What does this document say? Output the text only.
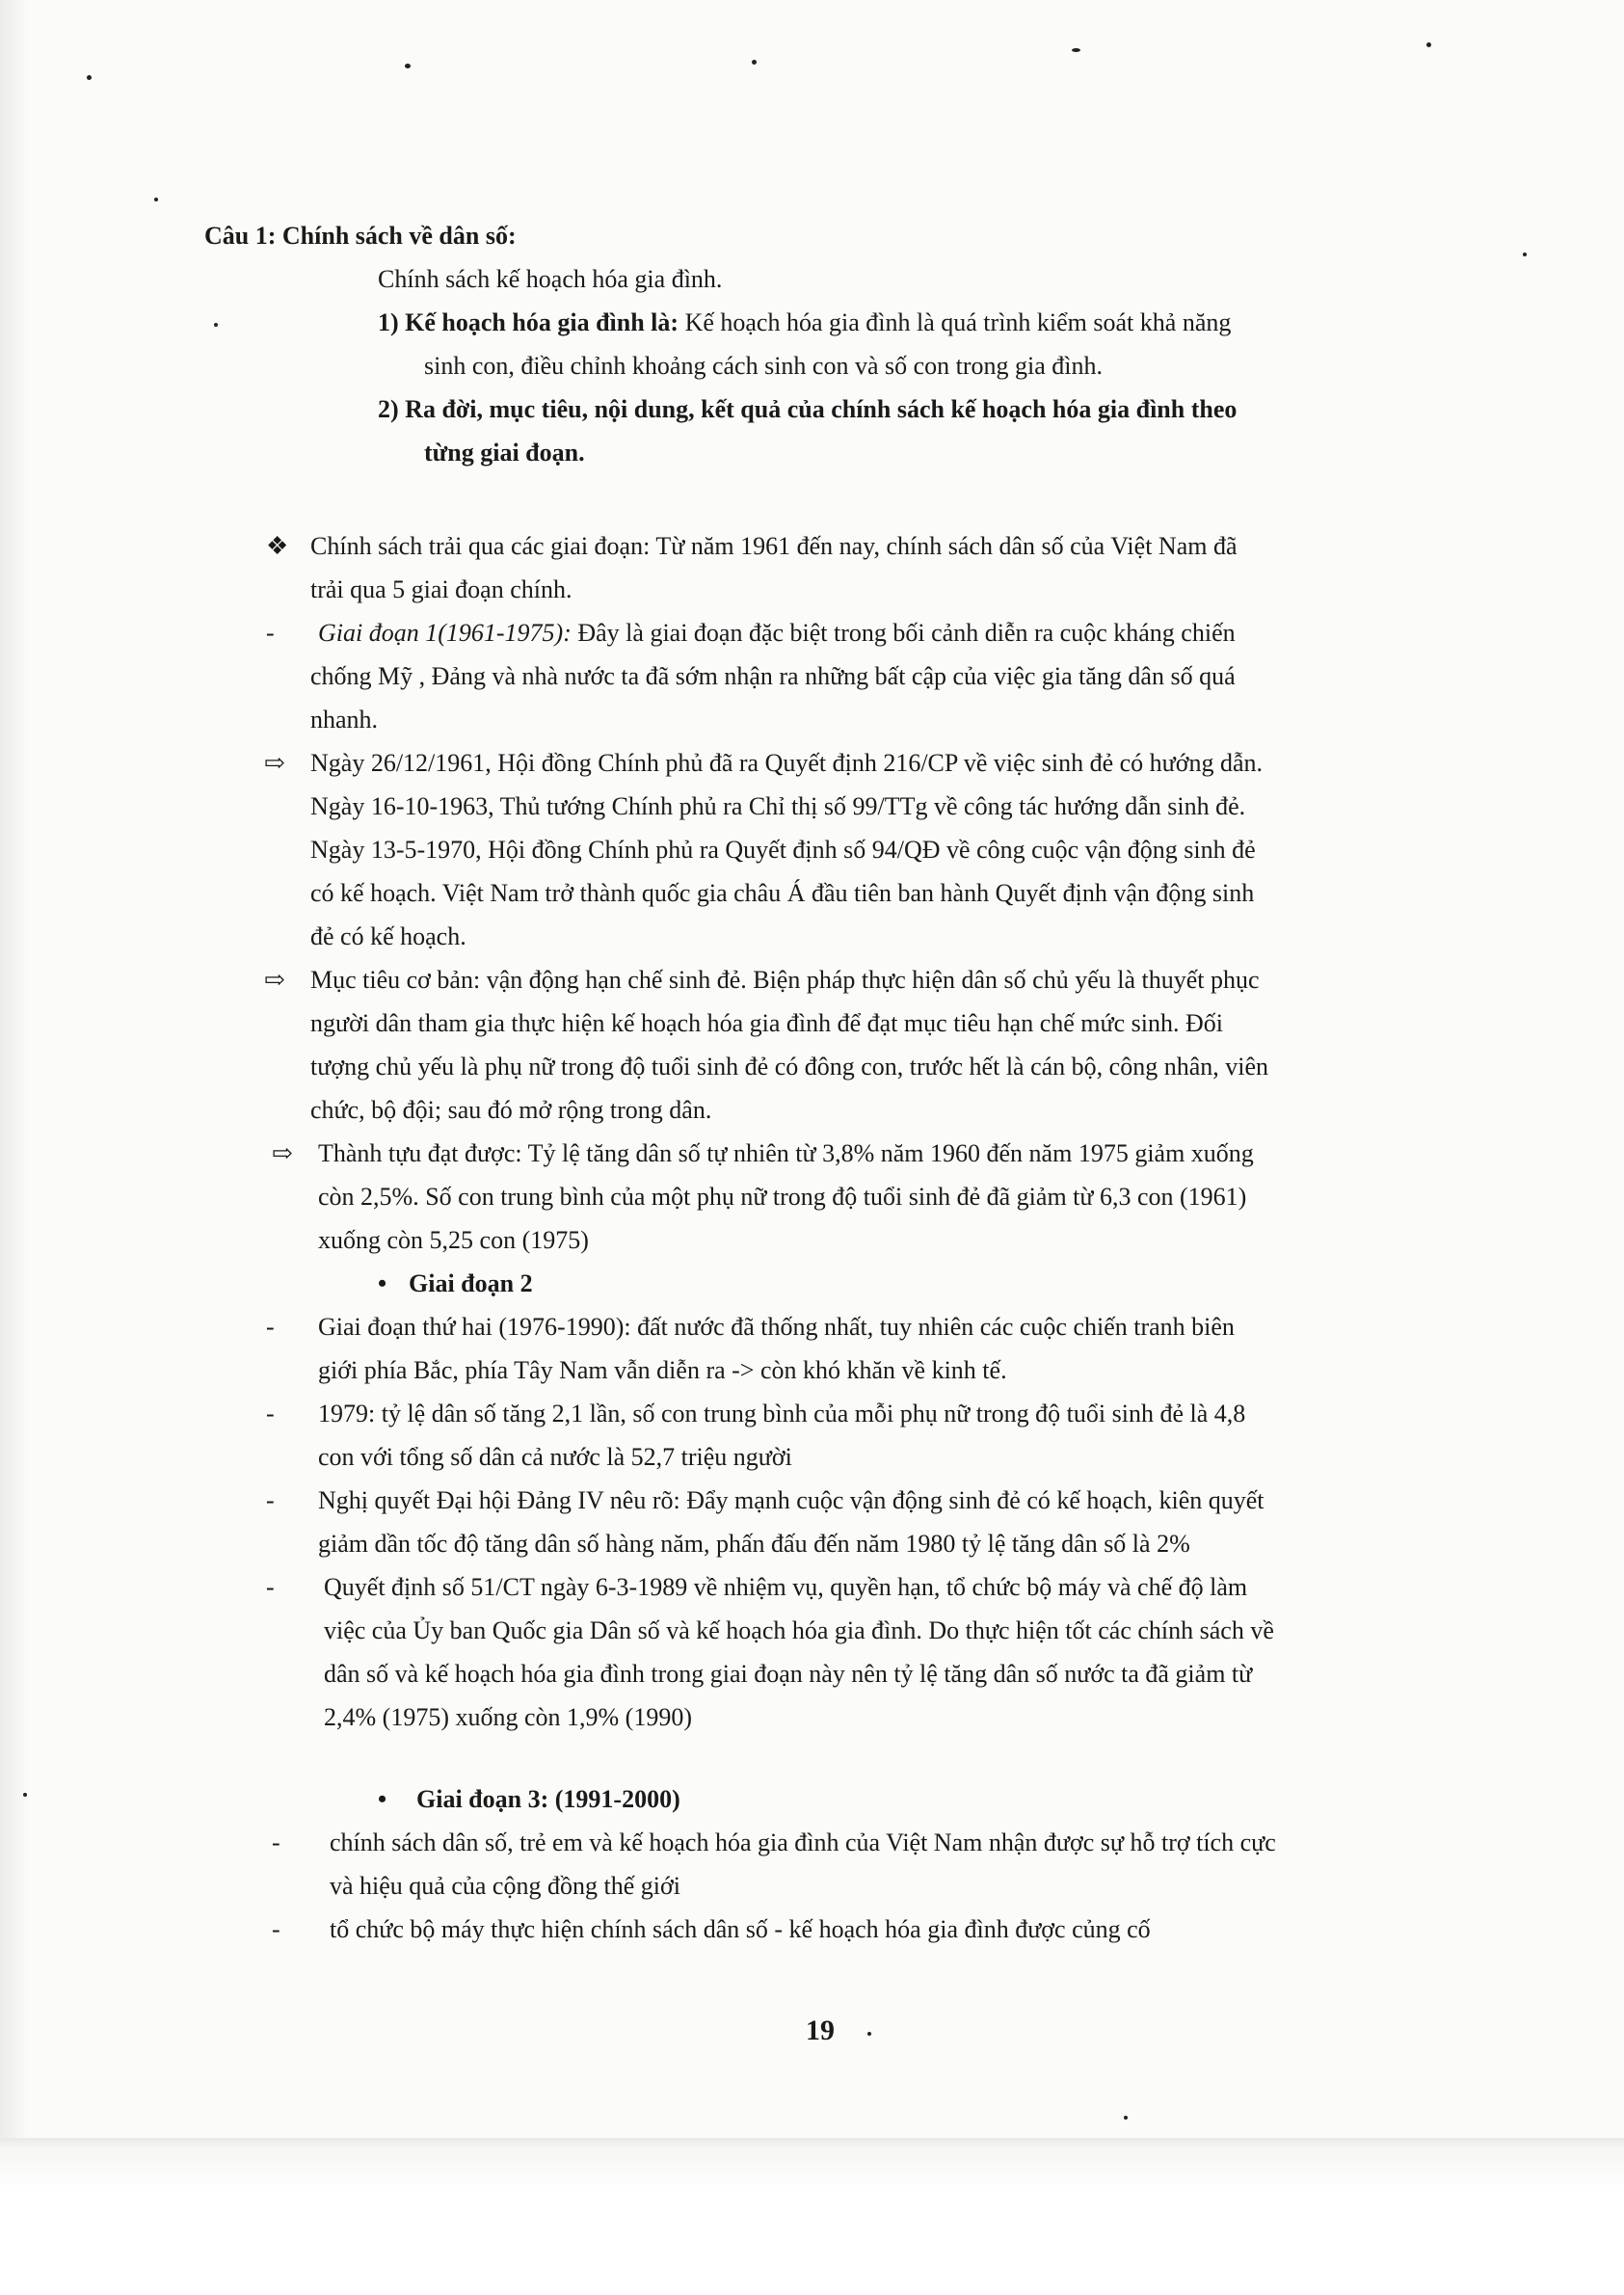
Câu 1: Chính sách về dân số:
Chính sách kế hoạch hóa gia đình.
1) Kế hoạch hóa gia đình là: Kế hoạch hóa gia đình là quá trình kiểm soát khả năng
sinh con, điều chỉnh khoảng cách sinh con và số con trong gia đình.
2) Ra đời, mục tiêu, nội dung, kết quả của chính sách kế hoạch hóa gia đình theo
từng giai đoạn.
❖ Chính sách trải qua các giai đoạn: Từ năm 1961 đến nay, chính sách dân số của Việt Nam đã
trải qua 5 giai đoạn chính.
- Giai đoạn 1(1961-1975): Đây là giai đoạn đặc biệt trong bối cảnh diễn ra cuộc kháng chiến
chống Mỹ , Đảng và nhà nước ta đã sớm nhận ra những bất cập của việc gia tăng dân số quá
nhanh.
⇨ Ngày 26/12/1961, Hội đồng Chính phủ đã ra Quyết định 216/CP về việc sinh đẻ có hướng dẫn.
Ngày 16-10-1963, Thủ tướng Chính phủ ra Chỉ thị số 99/TTg về công tác hướng dẫn sinh đẻ.
Ngày 13-5-1970, Hội đồng Chính phủ ra Quyết định số 94/QĐ về công cuộc vận động sinh đẻ
có kế hoạch. Việt Nam trở thành quốc gia châu Á đầu tiên ban hành Quyết định vận động sinh
đẻ có kế hoạch.
⇨ Mục tiêu cơ bản: vận động hạn chế sinh đẻ. Biện pháp thực hiện dân số chủ yếu là thuyết phục
người dân tham gia thực hiện kế hoạch hóa gia đình để đạt mục tiêu hạn chế mức sinh. Đối
tượng chủ yếu là phụ nữ trong độ tuổi sinh đẻ có đông con, trước hết là cán bộ, công nhân, viên
chức, bộ đội; sau đó mở rộng trong dân.
⇨ Thành tựu đạt được: Tỷ lệ tăng dân số tự nhiên từ 3,8% năm 1960 đến năm 1975 giảm xuống
còn 2,5%. Số con trung bình của một phụ nữ trong độ tuổi sinh đẻ đã giảm từ 6,3 con (1961)
xuống còn 5,25 con (1975)
• Giai đoạn 2
- Giai đoạn thứ hai (1976-1990): đất nước đã thống nhất, tuy nhiên các cuộc chiến tranh biên
giới phía Bắc, phía Tây Nam vẫn diễn ra -> còn khó khăn về kinh tế.
- 1979: tỷ lệ dân số tăng 2,1 lần, số con trung bình của mỗi phụ nữ trong độ tuổi sinh đẻ là 4,8
con với tổng số dân cả nước là 52,7 triệu người
- Nghị quyết Đại hội Đảng IV nêu rõ: Đẩy mạnh cuộc vận động sinh đẻ có kế hoạch, kiên quyết
giảm dần tốc độ tăng dân số hàng năm, phấn đấu đến năm 1980 tỷ lệ tăng dân số là 2%
- Quyết định số 51/CT ngày 6-3-1989 về nhiệm vụ, quyền hạn, tổ chức bộ máy và chế độ làm
việc của Ủy ban Quốc gia Dân số và kế hoạch hóa gia đình. Do thực hiện tốt các chính sách về
dân số và kế hoạch hóa gia đình trong giai đoạn này nên tỷ lệ tăng dân số nước ta đã giảm từ
2,4% (1975) xuống còn 1,9% (1990)
• Giai đoạn 3: (1991-2000)
- chính sách dân số, trẻ em và kế hoạch hóa gia đình của Việt Nam nhận được sự hỗ trợ tích cực
và hiệu quả của cộng đồng thế giới
- tổ chức bộ máy thực hiện chính sách dân số - kế hoạch hóa gia đình được củng cố
19
